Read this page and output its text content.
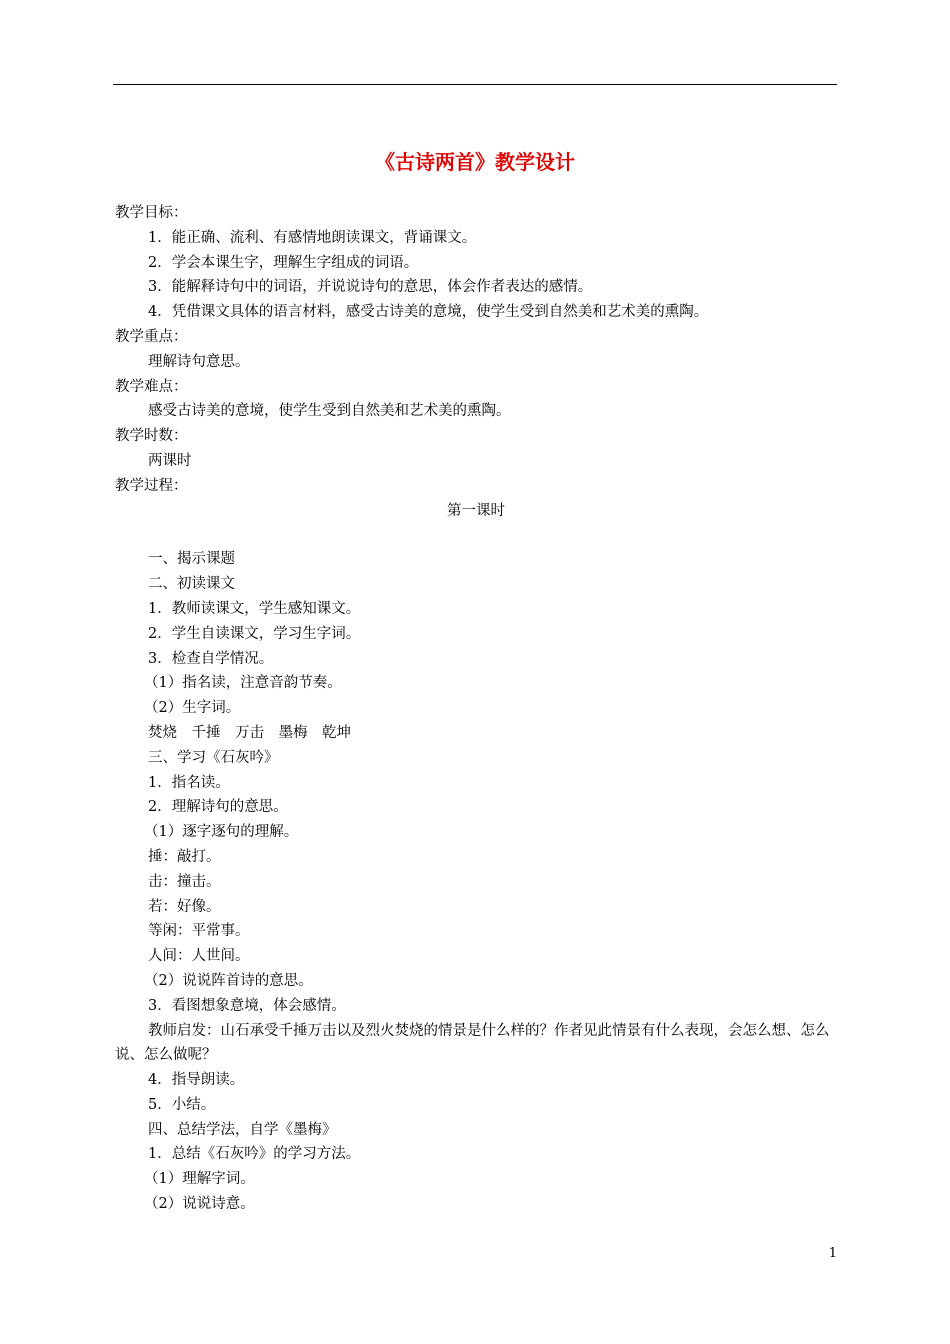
《古诗两首》教学设计
教学目标：
1．能正确、流利、有感情地朗读课文，背诵课文。
2．学会本课生字，理解生字组成的词语。
3．能解释诗句中的词语，并说说诗句的意思，体会作者表达的感情。
4．凭借课文具体的语言材料，感受古诗美的意境，使学生受到自然美和艺术美的熏陶。
教学重点：
理解诗句意思。
教学难点：
感受古诗美的意境，使学生受到自然美和艺术美的熏陶。
教学时数：
两课时
教学过程：
第一课时
一、揭示课题
二、初读课文
1．教师读课文，学生感知课文。
2．学生自读课文，学习生字词。
3．检查自学情况。
（1）指名读，注意音韵节奏。
（2）生字词。
焚烧　千捶　万击　墨梅　乾坤
三、学习《石灰吟》
1．指名读。
2．理解诗句的意思。
（1）逐字逐句的理解。
捶：敲打。
击：撞击。
若：好像。
等闲：平常事。
人间：人世间。
（2）说说阵首诗的意思。
3．看图想象意境，体会感情。
教师启发：山石承受千捶万击以及烈火焚烧的情景是什么样的？作者见此情景有什么表现，会怎么想、怎么说、怎么做呢？
4．指导朗读。
5．小结。
四、总结学法，自学《墨梅》
1．总结《石灰吟》的学习方法。
（1）理解字词。
（2）说说诗意。
1
